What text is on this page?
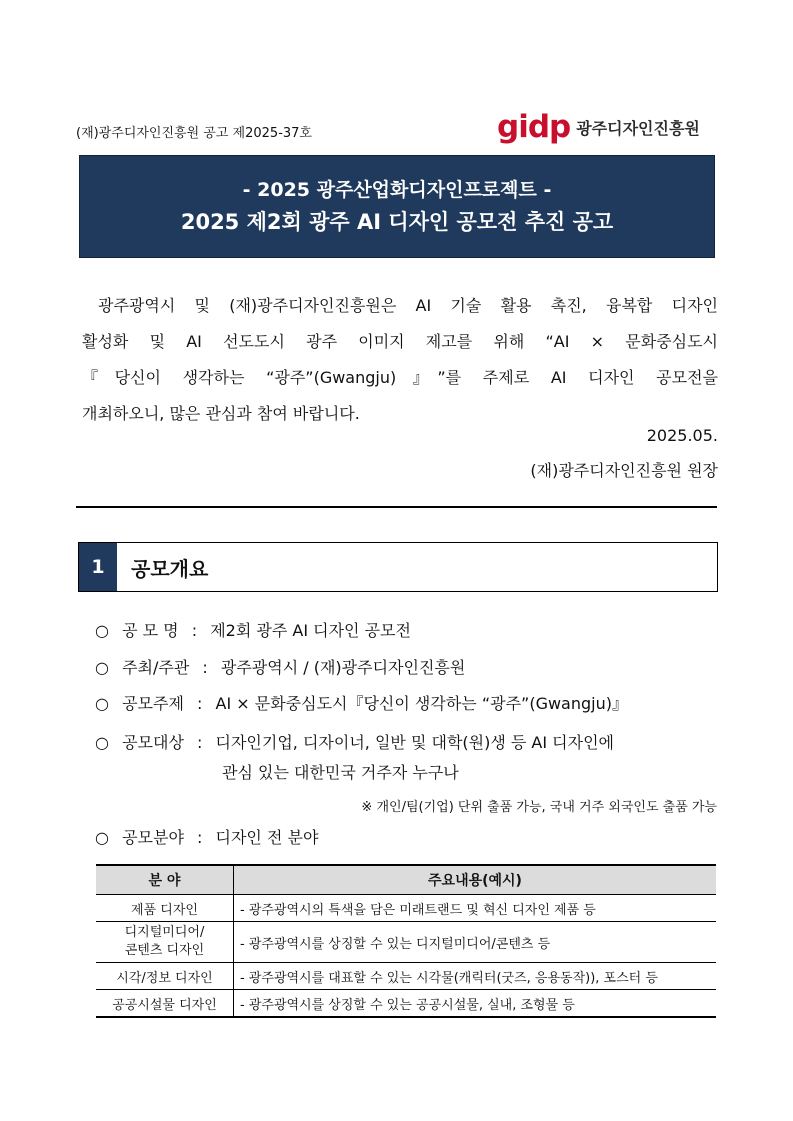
(재)광주디자인진흥원 공고 제2025-37호	gidp 광주디자인진흥원
- 2025 광주산업화디자인프로젝트 -
2025 제2회 광주 AI 디자인 공모전 추진 공고
광주광역시 및 (재)광주디자인진흥원은 AI 기술 활용 촉진, 융복합 디자인
활성화 및 AI 선도도시 광주 이미지 제고를 위해 “AI × 문화중심도시
『당신이 생각하는 “광주”(Gwangju)』”를 주제로 AI 디자인 공모전을
개최하오니, 많은 관심과 참여 바랍니다.
2025.05.
(재)광주디자인진흥원 원장
1	공모개요
○ 공 모 명 : 제2회 광주 AI 디자인 공모전
○ 주최/주관 : 광주광역시 / (재)광주디자인진흥원
○ 공모주제 : AI × 문화중심도시『당신이 생각하는 “광주”(Gwangju)』
○ 공모대상 : 디자인기업, 디자이너, 일반 및 대학(원)생 등 AI 디자인에
관심 있는 대한민국 거주자 누구나
※ 개인/팀(기업) 단위 출품 가능, 국내 거주 외국인도 출품 가능
○ 공모분야 : 디자인 전 분야
분 야	주요내용(예시)
제품 디자인	- 광주광역시의 특색을 담은 미래트랜드 및 혁신 디자인 제품 등

디지털미디어/
콘텐츠 디자인	- 광주광역시를 상징할 수 있는 디지털미디어/콘텐츠 등
시각/정보 디자인	- 광주광역시를 대표할 수 있는 시각물(캐릭터(굿즈, 응용동작)), 포스터 등
공공시설물 디자인	- 광주광역시를 상징할 수 있는 공공시설물, 실내, 조형물 등
